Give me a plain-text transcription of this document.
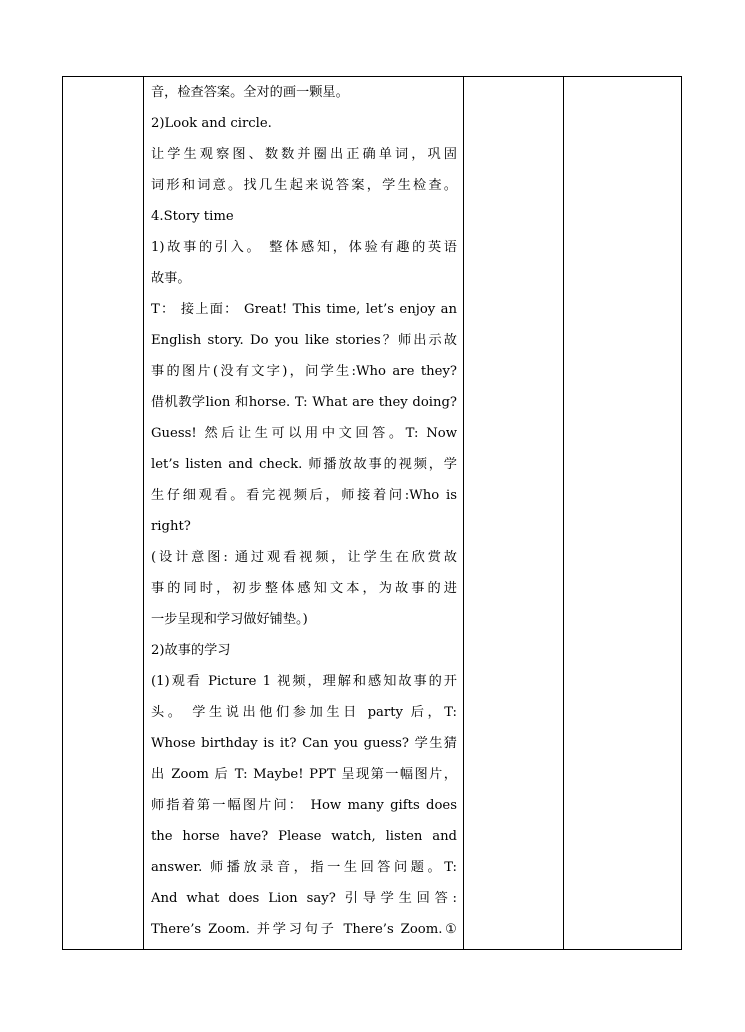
音，检查答案。全对的画一颗星。
2)Look and circle.
让学生观察图、数数并圈出正确单词，巩固
词形和词意。找几生起来说答案，学生检查。
4.Story time
1)故事的引入。 整体感知，体验有趣的英语
故事。
T： 接上面： Great! This time, let’s enjoy an
English story. Do you like stories？师出示故
事的图片(没有文字)，问学生:Who are they?
借机教学lion 和horse. T: What are they doing?
Guess! 然后让生可以用中文回答。T: Now
let’s listen and check. 师播放故事的视频，学
生仔细观看。看完视频后，师接着问:Who is
right?
(设计意图: 通过观看视频，让学生在欣赏故
事的同时，初步整体感知文本，为故事的进
一步呈现和学习做好铺垫。)
2)故事的学习
(1)观看 Picture 1 视频，理解和感知故事的开
头。 学生说出他们参加生日 party 后，T:
Whose birthday is it? Can you guess? 学生猜
出 Zoom 后 T: Maybe! PPT 呈现第一幅图片，
师指着第一幅图片问： How many gifts does
the horse have? Please watch, listen and
answer. 师播放录音，指一生回答问题。T:
And what does Lion say? 引导学生回答:
There’s Zoom. 并学习句子 There’s Zoom.①
